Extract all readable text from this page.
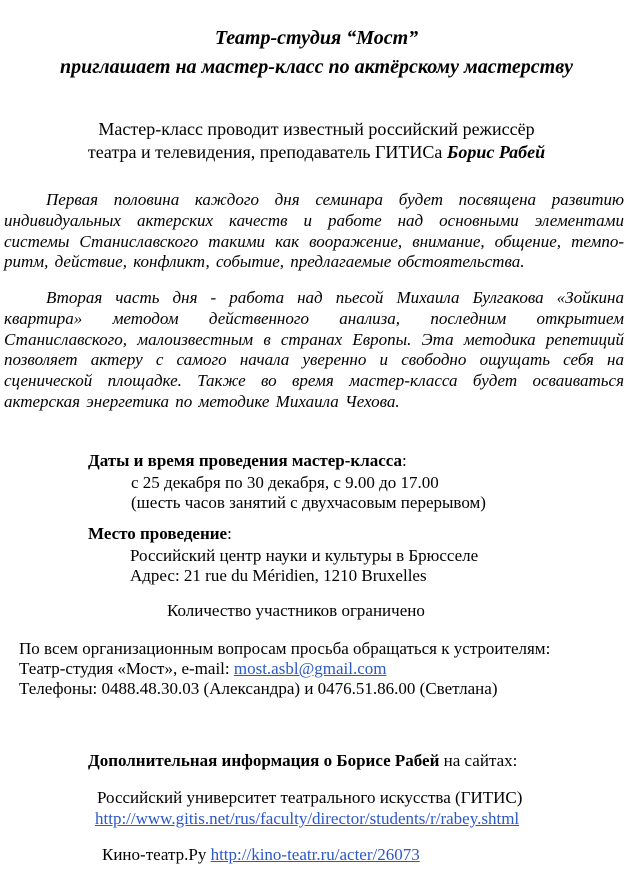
Театр-студия “Мост”
приглашает на мастер-класс по актёрскому мастерству
Мастер-класс проводит известный российский режиссёр
театра и телевидения, преподаватель ГИТИСа Борис Рабей
Первая половина каждого дня семинара будет посвящена развитию индивидуальных актерских качеств и работе над основными элементами системы Станиславского такими как вооражение, внимание, общение, темпо-ритм, действие, конфликт, событие, предлагаемые обстоятельства.
Вторая часть дня - работа над пьесой Михаила Булгакова «Зойкина квартира» методом действенного анализа, последним открытием Станиславского, малоизвестным в странах Европы. Эта методика репетиций позволяет актеру с самого начала уверенно и свободно ощущать себя на сценической площадке. Также во время мастер-класса будет осваиваться актерская энергетика по методике Михаила Чехова.
Даты и время проведения мастер-класса:
с 25 декабря по 30 декабря, с 9.00 до 17.00
(шесть часов занятий с двухчасовым перерывом)
Место проведение:
Российский центр науки и культуры в Брюсселе
Адрес: 21 rue du Méridien, 1210 Bruxelles
Количество участников ограничено
По всем организационным вопросам просьба обращаться к устроителям:
Театр-студия «Мост», e-mail: most.asbl@gmail.com
Телефоны: 0488.48.30.03 (Александра) и 0476.51.86.00 (Светлана)
Дополнительная информация о Борисе Рабей на сайтах:
Российский университет театрального искусства (ГИТИС)
http://www.gitis.net/rus/faculty/director/students/r/rabey.shtml
Кино-театр.Ру http://kino-teatr.ru/acter/26073
